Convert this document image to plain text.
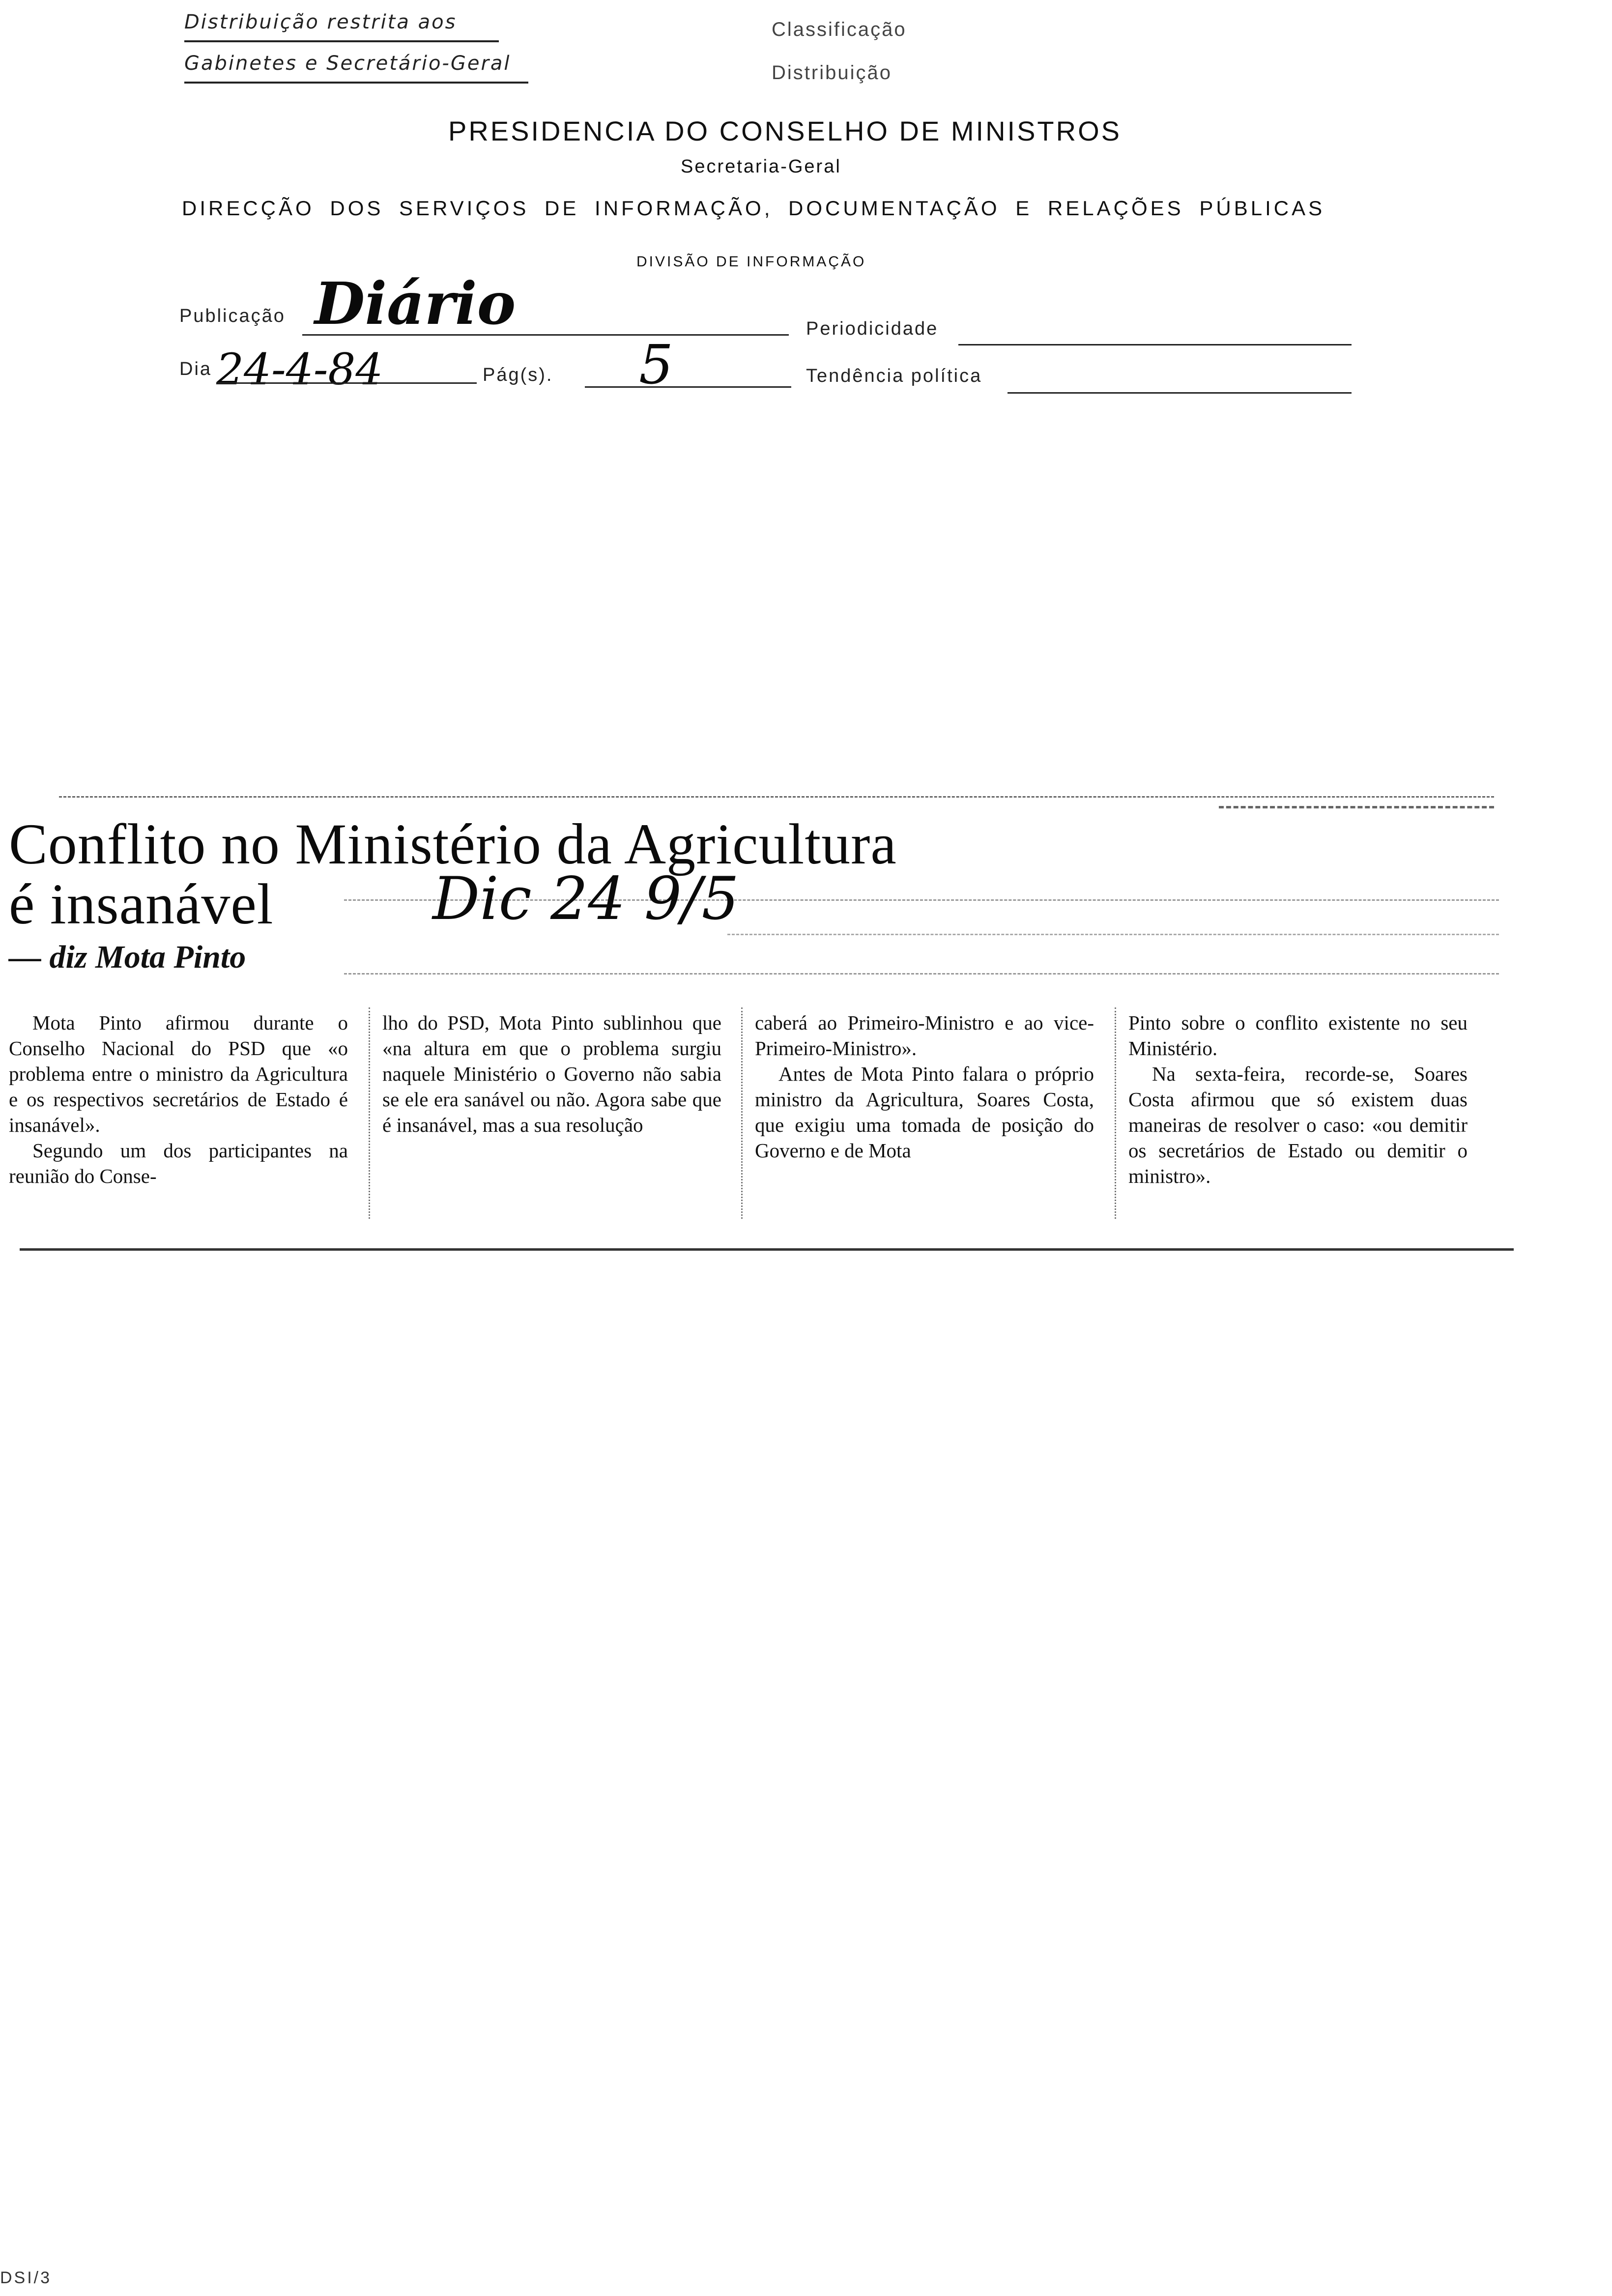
Distribuição restrita aos
Gabinetes e Secretário-Geral
Classificação
Distribuição
PRESIDENCIA DO CONSELHO DE MINISTROS
Secretaria-Geral
DIRECÇÃO DOS SERVIÇOS DE INFORMAÇÃO, DOCUMENTAÇÃO E RELAÇÕES PÚBLICAS
DIVISÃO DE INFORMAÇÃO
Publicação Diário	Periodicidade
Dia 24-4-84	Pág(s). 5	Tendência política
Conflito no Ministério da Agricultura
é insanável	Dic 24 9/5
— diz Mota Pinto

Mota Pinto afirmou durante o Conselho Nacional do PSD que «o problema entre o ministro da Agricultura e os respectivos secretários de Estado é insanável».

Segundo um dos participantes na reunião do Conse-

lho do PSD, Mota Pinto sublinhou que «na altura em que o problema surgiu naquele Ministério o Governo não sabia se ele era sanável ou não. Agora sabe que é insanável, mas a sua resolução

caberá ao Primeiro-Ministro e ao vice-Primeiro-Ministro».

Antes de Mota Pinto falara o próprio ministro da Agricultura, Soares Costa, que exigiu uma tomada de posição do Governo e de Mota

Pinto sobre o conflito existente no seu Ministério.

Na sexta-feira, recorde-se, Soares Costa afirmou que só existem duas maneiras de resolver o caso: «ou demitir os secretários de Estado ou demitir o ministro».

DSI/3
